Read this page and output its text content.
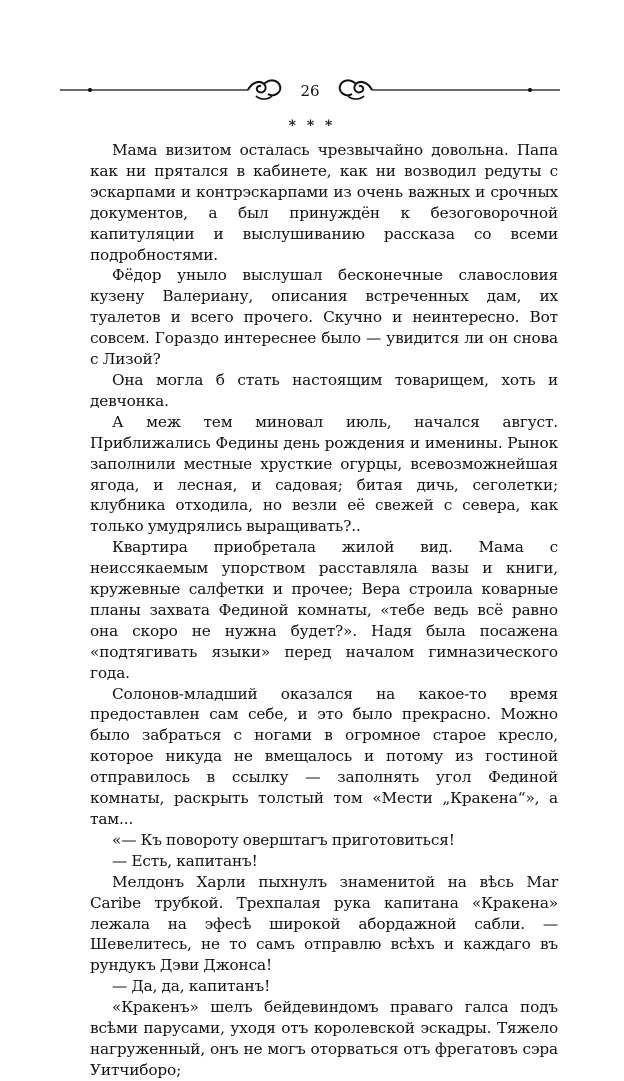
26
* * *

Мама визитом осталась чрезвычайно довольна. Папа как ни прятался в кабинете, как ни возводил редуты с эскарпами и контрэскарпами из очень важных и срочных документов, а был принуждён к безоговорочной капитуляции и выслушиванию рассказа со всеми подробностями.

Фёдор уныло выслушал бесконечные славословия кузену Валериану, описания встреченных дам, их туалетов и всего прочего. Скучно и неинтересно. Вот совсем. Гораздо интереснее было — увидится ли он снова с Лизой?

Она могла б стать настоящим товарищем, хоть и девчонка.

А меж тем миновал июль, начался август. Приближались Федины день рождения и именины. Рынок заполнили местные хрусткие огурцы, всевозможнейшая ягода, и лесная, и садовая; битая дичь, сеголетки; клубника отходила, но везли её свежей с севера, как только умудрялись выращивать?..

Квартира приобретала жилой вид. Мама с неиссякаемым упорством расставляла вазы и книги, кружевные салфетки и прочее; Вера строила коварные планы захвата Фединой комнаты, «тебе ведь всё равно она скоро не нужна будет?». Надя была посажена «подтягивать языки» перед началом гимназического года.

Солонов-младший оказался на какое-то время предоставлен сам себе, и это было прекрасно. Можно было забраться с ногами в огромное старое кресло, которое никуда не вмещалось и потому из гостиной отправилось в ссылку — заполнять угол Фединой комнаты, раскрыть толстый том «Мести „Кракена“», а там...

«— Къ повороту оверштагъ приготовиться!

— Есть, капитанъ!

Мелдонъ Харли пыхнулъ знаменитой на вѣсь Mar Caribe трубкой. Трехпалая рука капитана «Кракена» лежала на эфесѣ широкой абордажной сабли. — Шевелитесь, не то самъ отправлю всѣхъ и каждаго въ рундукъ Дэви Джонса!

— Да, да, капитанъ!

«Кракенъ» шелъ бейдевиндомъ праваго галса подъ всѣми парусами, уходя отъ королевской эскадры. Тяжело нагруженный, онъ не могъ оторваться отъ фрегатовъ сэра Уитчиборо;
